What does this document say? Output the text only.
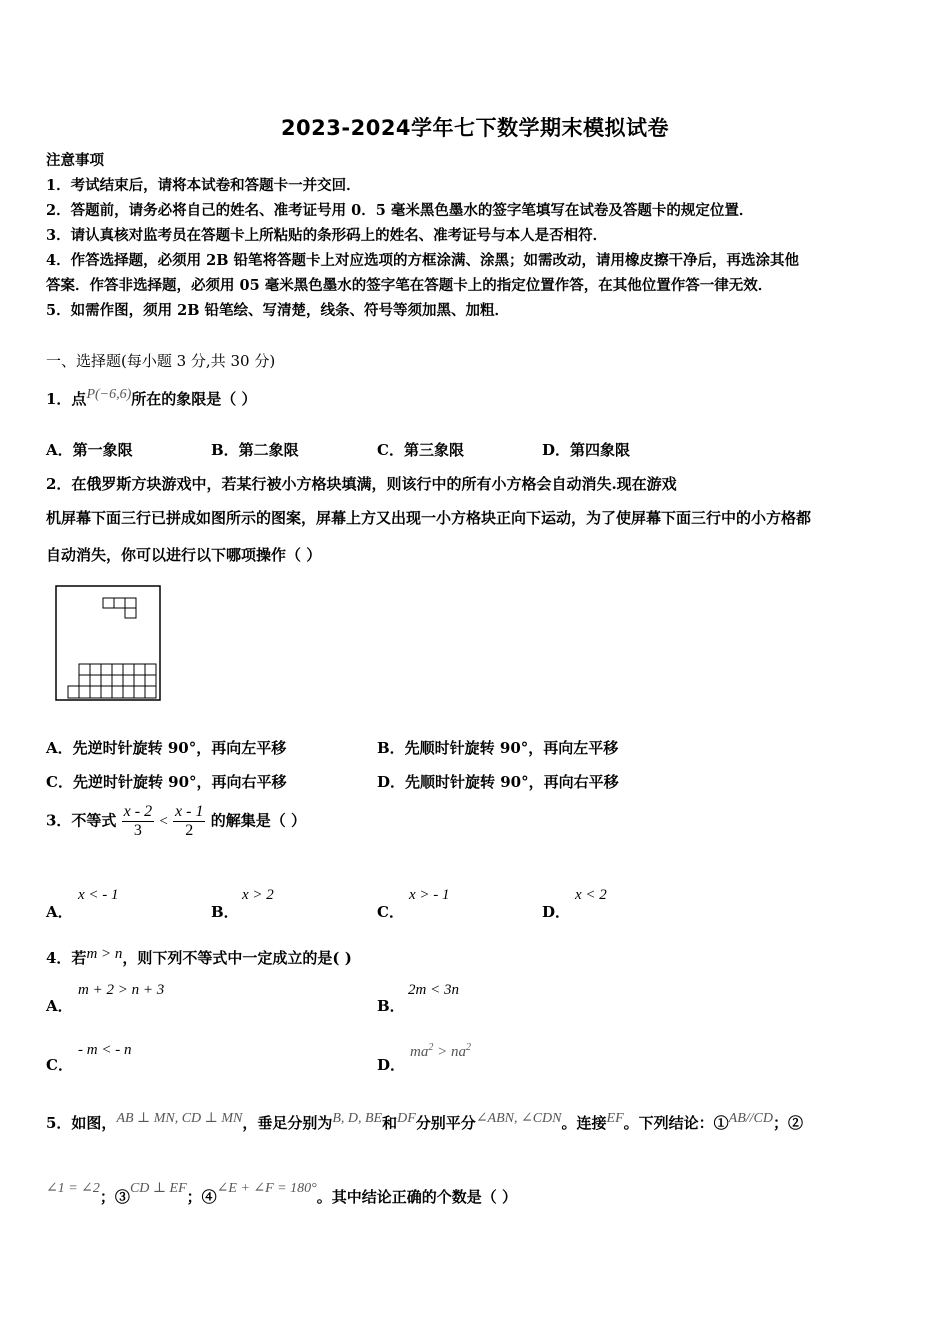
2023-2024学年七下数学期末模拟试卷
注意事项
1．考试结束后，请将本试卷和答题卡一并交回．
2．答题前，请务必将自己的姓名、准考证号用 0．5 毫米黑色墨水的签字笔填写在试卷及答题卡的规定位置．
3．请认真核对监考员在答题卡上所粘贴的条形码上的姓名、准考证号与本人是否相符．
4．作答选择题，必须用 2B 铅笔将答题卡上对应选项的方框涂满、涂黑；如需改动，请用橡皮擦干净后，再选涂其他
答案．作答非选择题，必须用 05 毫米黑色墨水的签字笔在答题卡上的指定位置作答，在其他位置作答一律无效．
5．如需作图，须用 2B 铅笔绘、写清楚，线条、符号等须加黑、加粗．
一、选择题(每小题 3 分,共 30 分)
1．点P(−6,6)所在的象限是（ ）
A．第一象限	B．第二象限	C．第三象限	D．第四象限
2．在俄罗斯方块游戏中，若某行被小方格块填满，则该行中的所有小方格会自动消失.现在游戏
机屏幕下面三行已拼成如图所示的图案，屏幕上方又出现一小方格块正向下运动，为了使屏幕下面三行中的小方格都
自动消失，你可以进行以下哪项操作（ ）
A．先逆时针旋转 90°，再向左平移	B．先顺时针旋转 90°，再向左平移
C．先逆时针旋转 90°，再向右平移	D．先顺时针旋转 90°，再向右平移
3．不等式 $\frac{x - 2}{3} < \frac{x - 1}{2}$ 的解集是（ ）
A．
x < - 1
B．
x > 2
C．
x > - 1
D．
x < 2
4．若m > n，则下列不等式中一定成立的是( )
A．
m + 2 > n + 3
B．
2m < 3n
C．
- m < - n
D．
$ma^2 > na^2$
5．如图，AB ⊥ MN, CD ⊥ MN，垂足分别为B, D, BE和DF分别平分∠ABN, ∠CDN。连接EF。下列结论：①AB//CD；②
∠1 = ∠2；③CD ⊥ EF；④∠E + ∠F = 180°。其中结论正确的个数是（ ）
